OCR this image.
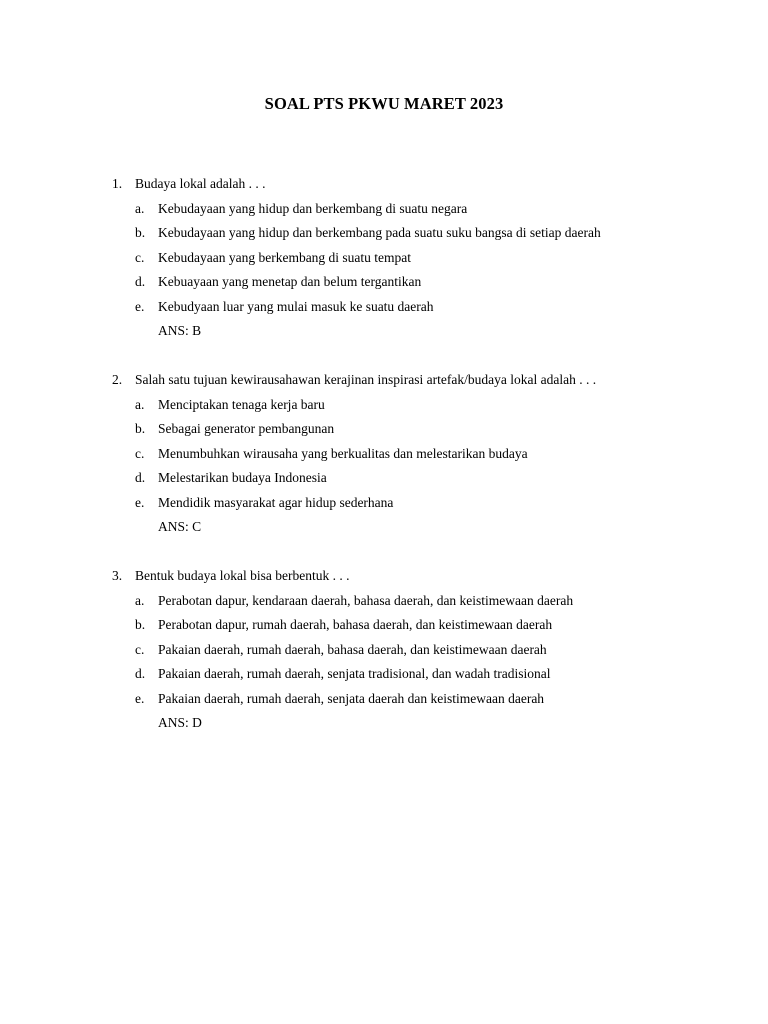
SOAL PTS PKWU MARET 2023
1. Budaya lokal adalah . . .
a. Kebudayaan yang hidup dan berkembang di suatu negara
b. Kebudayaan yang hidup dan berkembang pada suatu suku bangsa di setiap daerah
c. Kebudayaan yang berkembang di suatu tempat
d. Kebuayaan yang menetap dan belum tergantikan
e. Kebudyaan luar yang mulai masuk ke suatu daerah
ANS: B
2. Salah satu tujuan kewirausahawan kerajinan inspirasi artefak/budaya lokal adalah . . .
a. Menciptakan tenaga kerja baru
b. Sebagai generator pembangunan
c. Menumbuhkan wirausaha yang berkualitas dan melestarikan budaya
d. Melestarikan budaya Indonesia
e. Mendidik masyarakat agar hidup sederhana
ANS: C
3. Bentuk budaya lokal bisa berbentuk . . .
a. Perabotan dapur, kendaraan daerah, bahasa daerah, dan keistimewaan daerah
b. Perabotan dapur, rumah daerah, bahasa daerah, dan keistimewaan daerah
c. Pakaian daerah, rumah daerah, bahasa daerah, dan keistimewaan daerah
d. Pakaian daerah, rumah daerah, senjata tradisional, dan wadah tradisional
e. Pakaian daerah, rumah daerah, senjata daerah dan keistimewaan daerah
ANS: D
